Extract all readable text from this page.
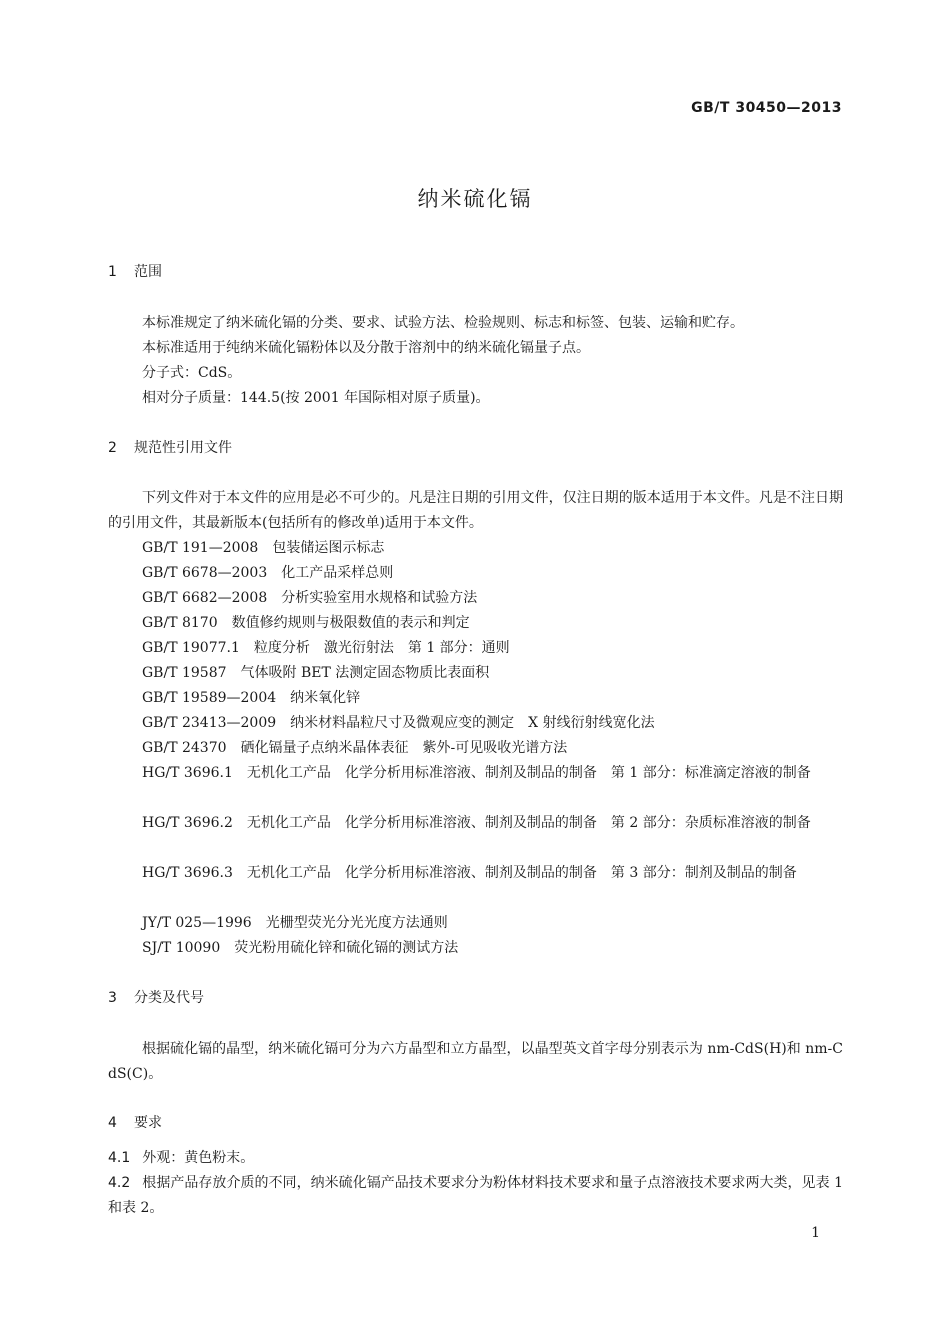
GB/T 30450—2013
纳米硫化镉
1 范围
本标准规定了纳米硫化镉的分类、要求、试验方法、检验规则、标志和标签、包装、运输和贮存。
本标准适用于纯纳米硫化镉粉体以及分散于溶剂中的纳米硫化镉量子点。
分子式：CdS。
相对分子质量：144.5(按 2001 年国际相对原子质量)。
2 规范性引用文件
下列文件对于本文件的应用是必不可少的。凡是注日期的引用文件，仅注日期的版本适用于本文件。凡是不注日期的引用文件，其最新版本(包括所有的修改单)适用于本文件。
GB/T 191—2008 包装储运图示标志
GB/T 6678—2003 化工产品采样总则
GB/T 6682—2008 分析实验室用水规格和试验方法
GB/T 8170 数值修约规则与极限数值的表示和判定
GB/T 19077.1 粒度分析　激光衍射法　第 1 部分：通则
GB/T 19587 气体吸附 BET 法测定固态物质比表面积
GB/T 19589—2004 纳米氧化锌
GB/T 23413—2009 纳米材料晶粒尺寸及微观应变的测定　X 射线衍射线宽化法
GB/T 24370 硒化镉量子点纳米晶体表征　紫外-可见吸收光谱方法
HG/T 3696.1 无机化工产品　化学分析用标准溶液、制剂及制品的制备　第 1 部分：标准滴定溶液的制备
HG/T 3696.2 无机化工产品　化学分析用标准溶液、制剂及制品的制备　第 2 部分：杂质标准溶液的制备
HG/T 3696.3 无机化工产品　化学分析用标准溶液、制剂及制品的制备　第 3 部分：制剂及制品的制备
JY/T 025—1996 光栅型荧光分光光度方法通则
SJ/T 10090 荧光粉用硫化锌和硫化镉的测试方法
3 分类及代号
根据硫化镉的晶型，纳米硫化镉可分为六方晶型和立方晶型，以晶型英文首字母分别表示为 nm-CdS(H)和 nm-CdS(C)。
4 要求
4.1 外观：黄色粉末。
4.2 根据产品存放介质的不同，纳米硫化镉产品技术要求分为粉体材料技术要求和量子点溶液技术要求两大类，见表 1 和表 2。
1
